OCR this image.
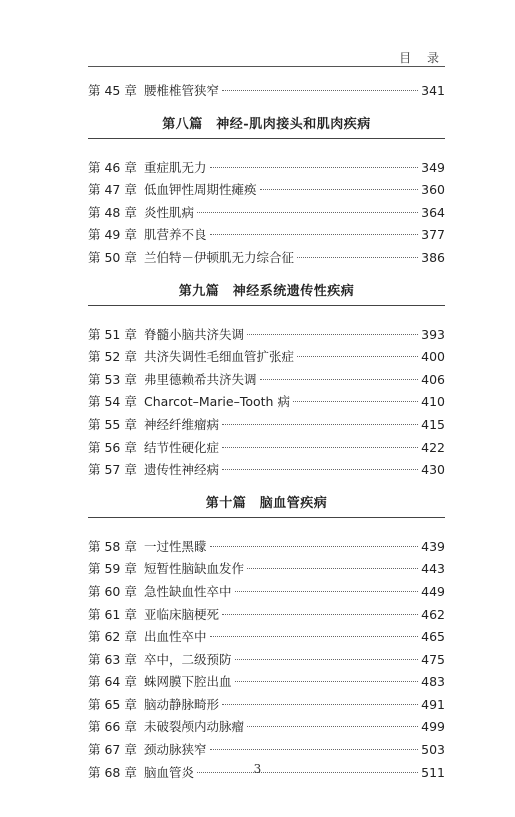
目 录
第 45 章 腰椎椎管狭窄	341
第八篇　神经-肌肉接头和肌肉疾病
第 46 章 重症肌无力	349
第 47 章 低血钾性周期性瘫痪	360
第 48 章 炎性肌病	364
第 49 章 肌营养不良	377
第 50 章 兰伯特－伊顿肌无力综合征	386
第九篇　神经系统遗传性疾病
第 51 章 脊髓小脑共济失调	393
第 52 章 共济失调性毛细血管扩张症	400
第 53 章 弗里德赖希共济失调	406
第 54 章 Charcot–Marie–Tooth 病	410
第 55 章 神经纤维瘤病	415
第 56 章 结节性硬化症	422
第 57 章 遗传性神经病	430
第十篇　脑血管疾病
第 58 章 一过性黑矇	439
第 59 章 短暂性脑缺血发作	443
第 60 章 急性缺血性卒中	449
第 61 章 亚临床脑梗死	462
第 62 章 出血性卒中	465
第 63 章 卒中，二级预防	475
第 64 章 蛛网膜下腔出血	483
第 65 章 脑动静脉畸形	491
第 66 章 未破裂颅内动脉瘤	499
第 67 章 颈动脉狭窄	503
第 68 章 脑血管炎	511
3
